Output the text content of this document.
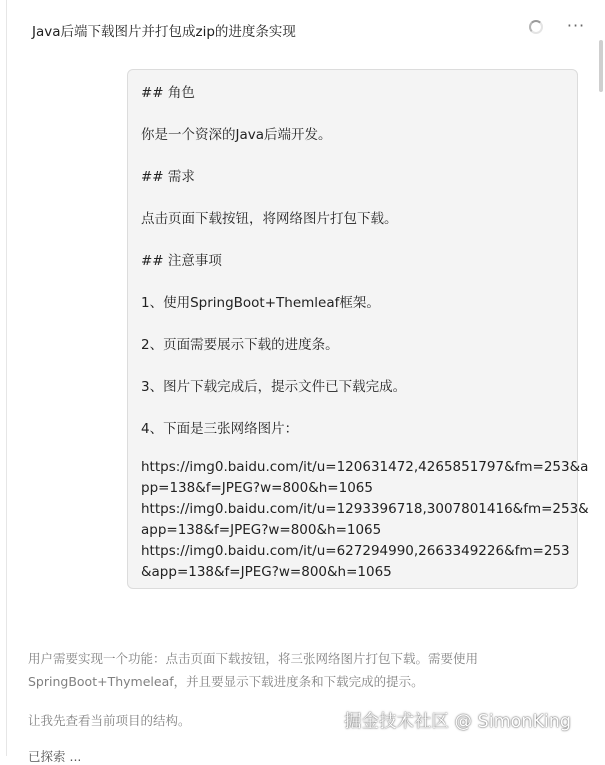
Java后端下载图片并打包成zip的进度条实现	···
## 角色
你是一个资深的Java后端开发。
## 需求
点击页面下载按钮，将网络图片打包下载。
## 注意事项
1、使用SpringBoot+Themleaf框架。
2、页面需要展示下载的进度条。
3、图片下载完成后，提示文件已下载完成。
4、下面是三张网络图片：
https://img0.baidu.com/it/u=120631472,4265851797&fm=253&a
pp=138&f=JPEG?w=800&h=1065
https://img0.baidu.com/it/u=1293396718,3007801416&fm=253&
app=138&f=JPEG?w=800&h=1065
https://img0.baidu.com/it/u=627294990,2663349226&fm=253
&app=138&f=JPEG?w=800&h=1065
用户需要实现一个功能：点击页面下载按钮，将三张网络图片打包下载。需要使用
SpringBoot+Thymeleaf，并且要显示下载进度条和下载完成的提示。
让我先查看当前项目的结构。
已探索 ...
掘金技术社区 @ SimonKing
